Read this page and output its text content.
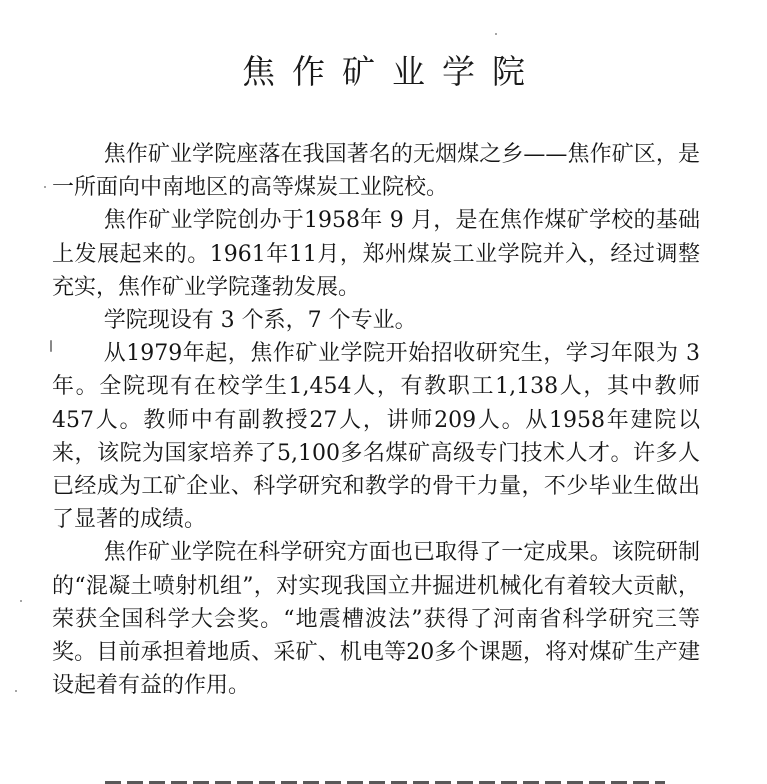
焦作矿业学院

焦作矿业学院座落在我国著名的无烟煤之乡——焦作矿区，是一所面向中南地区的高等煤炭工业院校。

焦作矿业学院创办于1958年 9 月，是在焦作煤矿学校的基础上发展起来的。1961年11月，郑州煤炭工业学院并入，经过调整充实，焦作矿业学院蓬勃发展。

学院现设有 3 个系，7 个专业。

从1979年起，焦作矿业学院开始招收研究生，学习年限为 3 年。全院现有在校学生1,454人，有教职工1,138人，其中教师457人。教师中有副教授27人，讲师209人。从1958年建院以来，该院为国家培养了5,100多名煤矿高级专门技术人才。许多人已经成为工矿企业、科学研究和教学的骨干力量，不少毕业生做出了显著的成绩。

焦作矿业学院在科学研究方面也已取得了一定成果。该院研制的“混凝土喷射机组”，对实现我国立井掘进机械化有着较大贡献，荣获全国科学大会奖。“地震槽波法”获得了河南省科学研究三等奖。目前承担着地质、采矿、机电等20多个课题，将对煤矿生产建设起着有益的作用。
